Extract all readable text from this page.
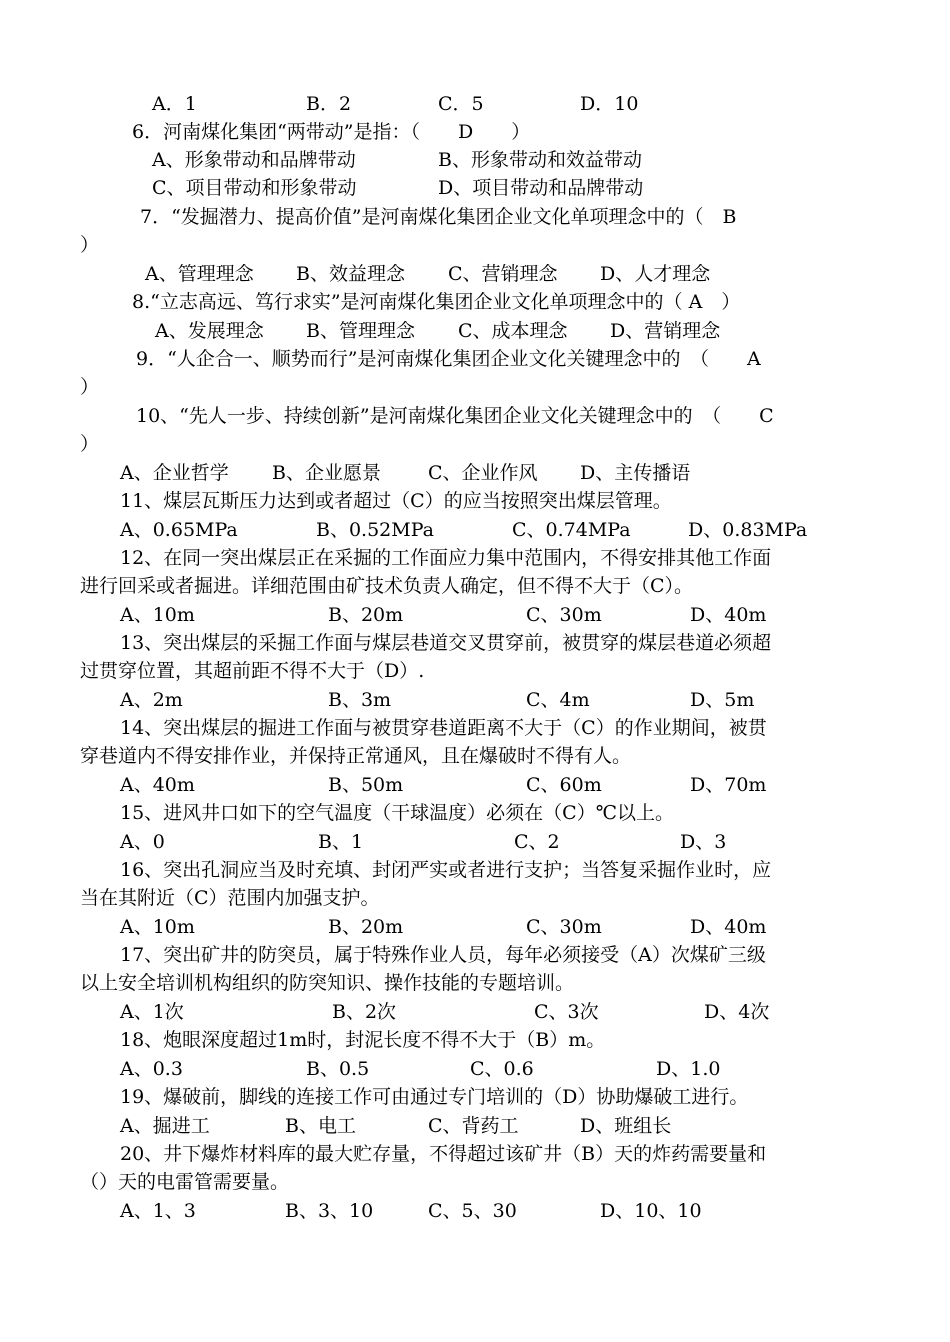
A．1	B．2	C．5	D．10
6．河南煤化集团“两带动”是指：（　　D　　）
A、形象带动和品牌带动	B、形象带动和效益带动
C、项目带动和形象带动	D、项目带动和品牌带动
7．“发掘潜力、提高价值”是河南煤化集团企业文化单项理念中的（　B
）
A、管理理念 B、效益理念 C、营销理念 D、人才理念
8.“立志高远、笃行求实”是河南煤化集团企业文化单项理念中的（ A　）
A、发展理念 B、管理理念 C、成本理念 D、营销理念
9．“人企合一、顺势而行”是河南煤化集团企业文化关键理念中的　（　　A
）
10、“先人一步、持续创新”是河南煤化集团企业文化关键理念中的　（　　C
）
A、企业哲学 B、企业愿景 C、企业作风 D、主传播语
11、煤层瓦斯压力达到或者超过（C）的应当按照突出煤层管理。
A、0.65MPa	B、0.52MPa	C、0.74MPa	D、0.83MPa
12、在同一突出煤层正在采掘的工作面应力集中范围内，不得安排其他工作面
进行回采或者掘进。详细范围由矿技术负责人确定，但不得不大于（C）。
A、10m	B、20m	C、30m	D、40m
13、突出煤层的采掘工作面与煤层巷道交叉贯穿前，被贯穿的煤层巷道必须超
过贯穿位置，其超前距不得不大于（D）.
A、2m	B、3m	C、4m	D、5m
14、突出煤层的掘进工作面与被贯穿巷道距离不大于（C）的作业期间，被贯
穿巷道内不得安排作业，并保持正常通风，且在爆破时不得有人。
A、40m	B、50m	C、60m	D、70m
15、进风井口如下的空气温度（干球温度）必须在（C）℃以上。
A、0	B、1	C、2	D、3
16、突出孔洞应当及时充填、封闭严实或者进行支护；当答复采掘作业时，应
当在其附近（C）范围内加强支护。
A、10m	B、20m	C、30m	D、40m
17、突出矿井的防突员，属于特殊作业人员，每年必须接受（A）次煤矿三级
以上安全培训机构组织的防突知识、操作技能的专题培训。
A、1次	B、2次	C、3次	D、4次
18、炮眼深度超过1m时，封泥长度不得不大于（B）m。
A、0.3	B、0.5	C、0.6	D、1.0
19、爆破前，脚线的连接工作可由通过专门培训的（D）协助爆破工进行。
A、掘进工	B、电工	C、背药工	D、班组长
20、井下爆炸材料库的最大贮存量，不得超过该矿井（B）天的炸药需要量和
（）天的电雷管需要量。
A、1、3	B、3、10	C、5、30	D、10、10
